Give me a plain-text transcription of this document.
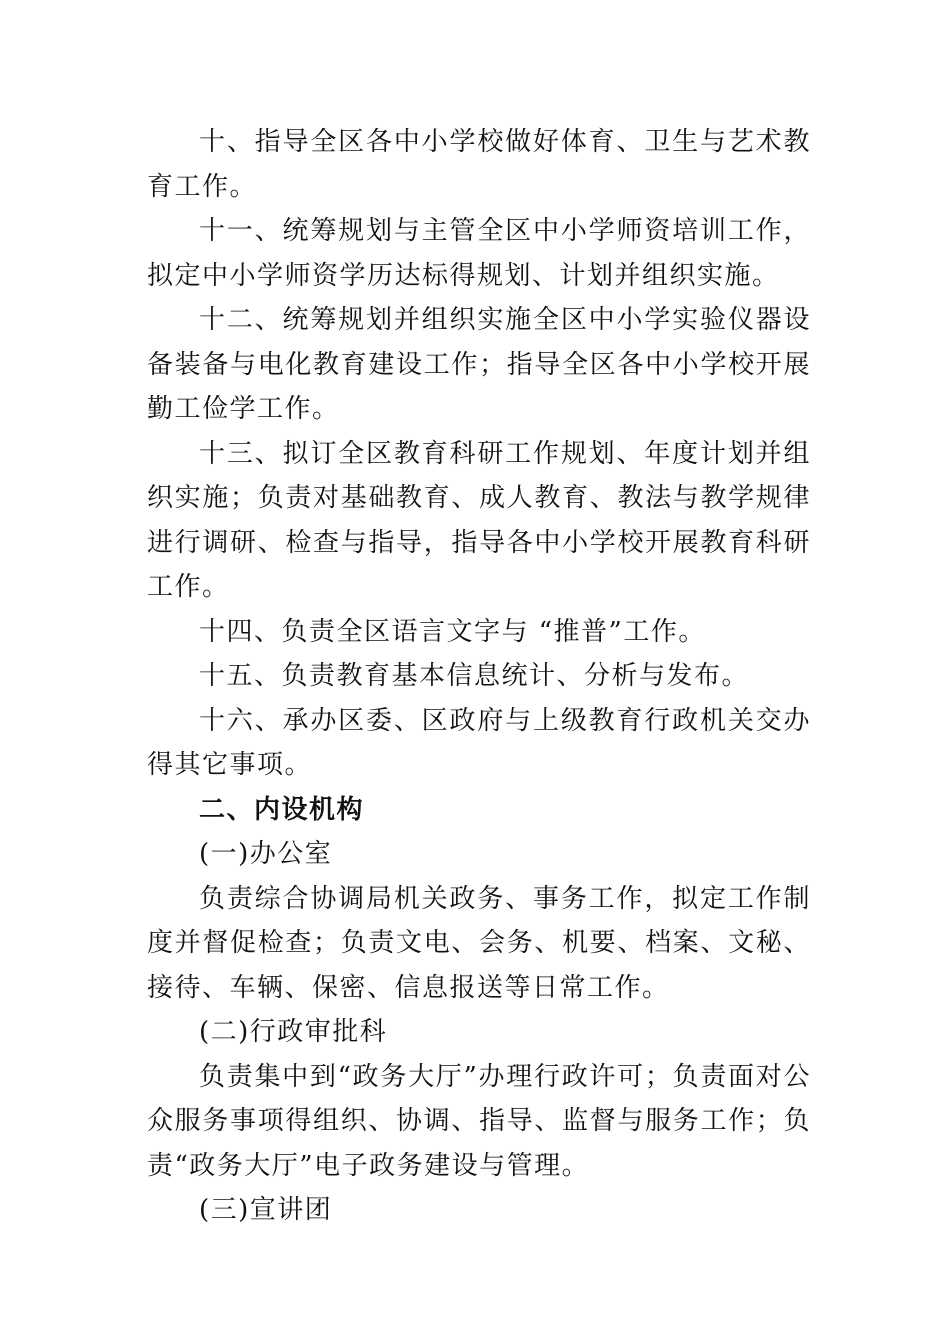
十、指导全区各中小学校做好体育、卫生与艺术教育工作。

十一、统筹规划与主管全区中小学师资培训工作，拟定中小学师资学历达标得规划、计划并组织实施。

十二、统筹规划并组织实施全区中小学实验仪器设备装备与电化教育建设工作；指导全区各中小学校开展勤工俭学工作。

十三、拟订全区教育科研工作规划、年度计划并组织实施；负责对基础教育、成人教育、教法与教学规律进行调研、检查与指导，指导各中小学校开展教育科研工作。

十四、负责全区语言文字与 “推普”工作。

十五、负责教育基本信息统计、分析与发布。

十六、承办区委、区政府与上级教育行政机关交办得其它事项。

二、内设机构

(一)办公室

负责综合协调局机关政务、事务工作，拟定工作制度并督促检查；负责文电、会务、机要、档案、文秘、接待、车辆、保密、信息报送等日常工作。

(二)行政审批科

负责集中到“政务大厅”办理行政许可；负责面对公众服务事项得组织、协调、指导、监督与服务工作；负责“政务大厅”电子政务建设与管理。

(三)宣讲团
